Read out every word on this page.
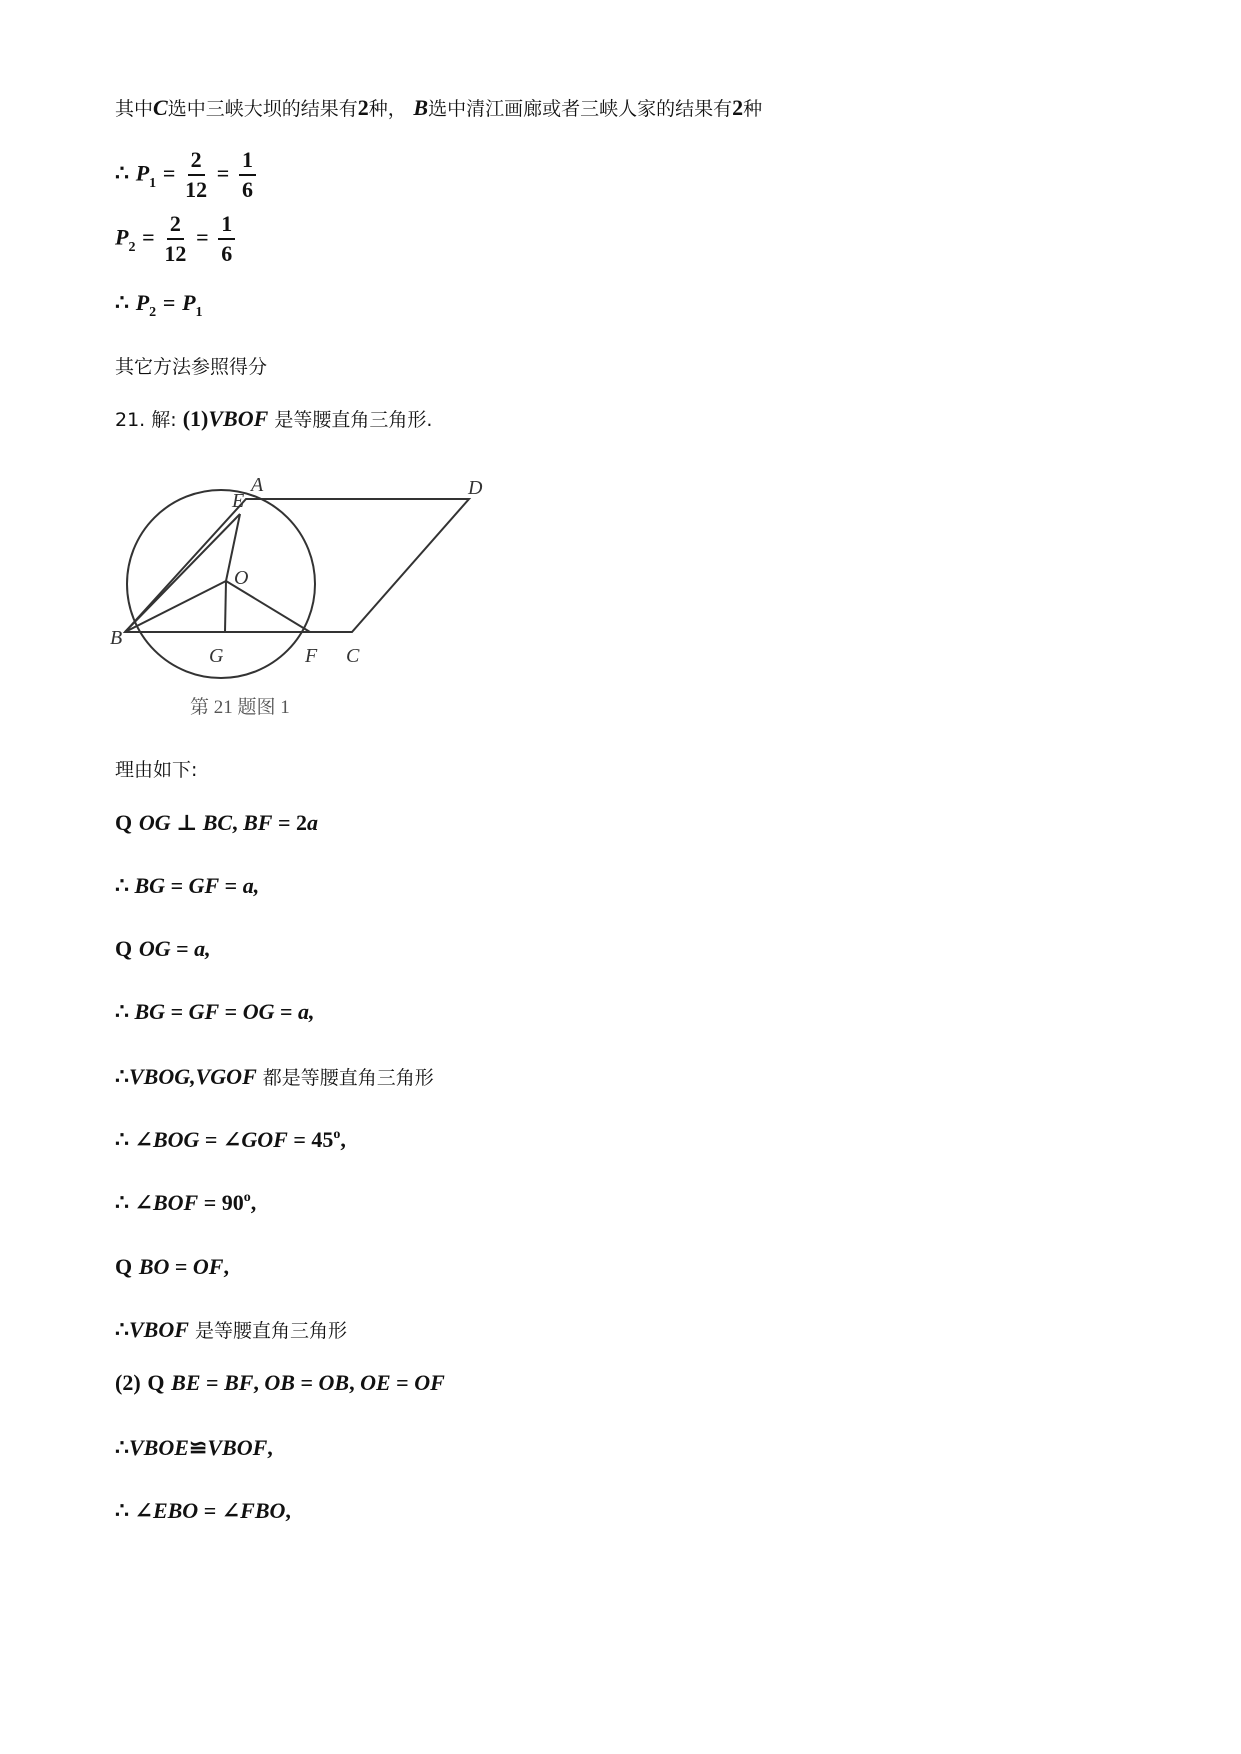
其中C选中三峡大坝的结果有2种， B选中清江画廊或者三峡人家的结果有2种
∴ $P_1 = \frac{2}{12} = \frac{1}{6}$
$P_2 = \frac{2}{12} = \frac{1}{6}$
∴ $P_2 = P_1$
其它方法参照得分
21. 解: (1)VBOF 是等腰直角三角形.
A	D
E
O
B
G	F C
第 21 题图 1
理由如下:
Q OG ⊥ BC, BF = 2a
∴ BG = GF = a,
Q OG = a,
∴ BG = GF = OG = a,
∴VBOG,VGOF 都是等腰直角三角形
∴ ∠BOG = ∠GOF = $45^o$,
∴ ∠BOF = $90^o$,
Q BO = OF,
∴VBOF 是等腰直角三角形
(2) Q BE = BF, OB = OB, OE = OF
∴VBOE≌VBOF,
∴ ∠EBO = ∠FBO,
